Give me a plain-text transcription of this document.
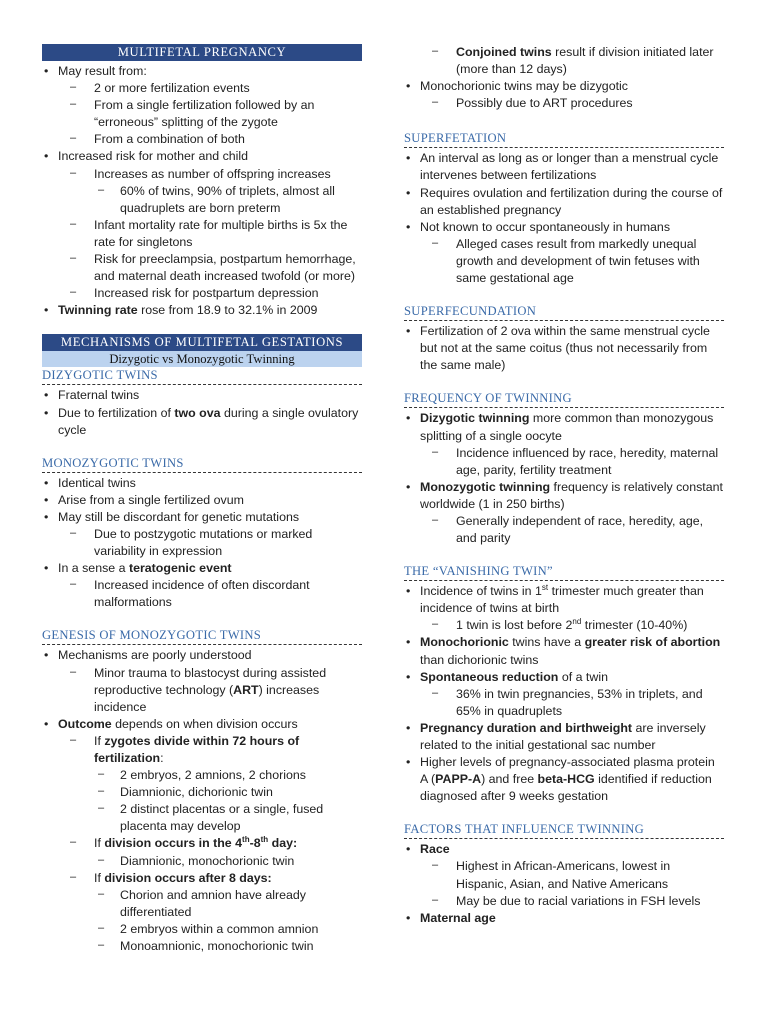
MULTIFETAL PREGNANCY
• May result from:
– 2 or more fertilization events
– From a single fertilization followed by an “erroneous” splitting of the zygote
– From a combination of both
• Increased risk for mother and child
– Increases as number of offspring increases
– 60% of twins, 90% of triplets, almost all quadruplets are born preterm
– Infant mortality rate for multiple births is 5x the rate for singletons
– Risk for preeclampsia, postpartum hemorrhage, and maternal death increased twofold (or more)
– Increased risk for postpartum depression
• Twinning rate rose from 18.9 to 32.1% in 2009
MECHANISMS OF MULTIFETAL GESTATIONS
Dizygotic vs Monozygotic Twinning
DIZYGOTIC TWINS
• Fraternal twins
• Due to fertilization of two ova during a single ovulatory cycle
MONOZYGOTIC TWINS
• Identical twins
• Arise from a single fertilized ovum
• May still be discordant for genetic mutations
– Due to postzygotic mutations or marked variability in expression
• In a sense a teratogenic event
– Increased incidence of often discordant malformations
GENESIS OF MONOZYGOTIC TWINS
• Mechanisms are poorly understood
– Minor trauma to blastocyst during assisted reproductive technology (ART) increases incidence
• Outcome depends on when division occurs
– If zygotes divide within 72 hours of fertilization:
– 2 embryos, 2 amnions, 2 chorions
– Diamnionic, dichorionic twin
– 2 distinct placentas or a single, fused placenta may develop
– If division occurs in the 4th-8th day:
– Diamnionic, monochorionic twin
– If division occurs after 8 days:
– Chorion and amnion have already differentiated
– 2 embryos within a common amnion
– Monoamnionic, monochorionic twin
– Conjoined twins result if division initiated later (more than 12 days)
• Monochorionic twins may be dizygotic
– Possibly due to ART procedures
SUPERFETATION
• An interval as long as or longer than a menstrual cycle intervenes between fertilizations
• Requires ovulation and fertilization during the course of an established pregnancy
• Not known to occur spontaneously in humans
– Alleged cases result from markedly unequal growth and development of twin fetuses with same gestational age
SUPERFECUNDATION
• Fertilization of 2 ova within the same menstrual cycle but not at the same coitus (thus not necessarily from the same male)
FREQUENCY OF TWINNING
• Dizygotic twinning more common than monozygous splitting of a single oocyte
– Incidence influenced by race, heredity, maternal age, parity, fertility treatment
• Monozygotic twinning frequency is relatively constant worldwide (1 in 250 births)
– Generally independent of race, heredity, age, and parity
THE “VANISHING TWIN”
• Incidence of twins in 1st trimester much greater than incidence of twins at birth
– 1 twin is lost before 2nd trimester (10-40%)
• Monochorionic twins have a greater risk of abortion than dichorionic twins
• Spontaneous reduction of a twin
– 36% in twin pregnancies, 53% in triplets, and 65% in quadruplets
• Pregnancy duration and birthweight are inversely related to the initial gestational sac number
• Higher levels of pregnancy-associated plasma protein A (PAPP-A) and free beta-HCG identified if reduction diagnosed after 9 weeks gestation
FACTORS THAT INFLUENCE TWINNING
• Race
– Highest in African-Americans, lowest in Hispanic, Asian, and Native Americans
– May be due to racial variations in FSH levels
• Maternal age
